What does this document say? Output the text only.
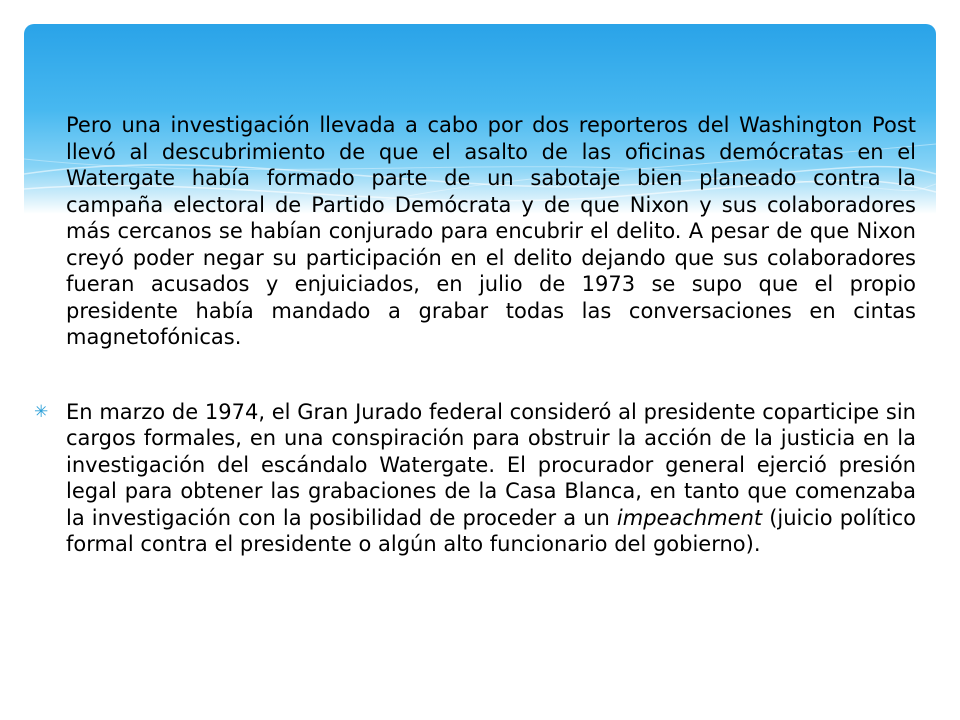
Pero una investigación llevada a cabo por dos reporteros del Washington Post llevó al descubrimiento de que el asalto de las oficinas demócratas en el Watergate había formado parte de un sabotaje bien planeado contra la campaña electoral de Partido Demócrata y de que Nixon y sus colaboradores más cercanos se habían conjurado para encubrir el delito. A pesar de que Nixon creyó poder negar su participación en el delito dejando que sus colaboradores fueran acusados y enjuiciados, en julio de 1973 se supo que el propio presidente había mandado a grabar todas las conversaciones en cintas magnetofónicas.

✳ En marzo de 1974, el Gran Jurado federal consideró al presidente coparticipe sin cargos formales, en una conspiración para obstruir la acción de la justicia en la investigación del escándalo Watergate. El procurador general ejerció presión legal para obtener las grabaciones de la Casa Blanca, en tanto que comenzaba la investigación con la posibilidad de proceder a un impeachment (juicio político formal contra el presidente o algún alto funcionario del gobierno).
